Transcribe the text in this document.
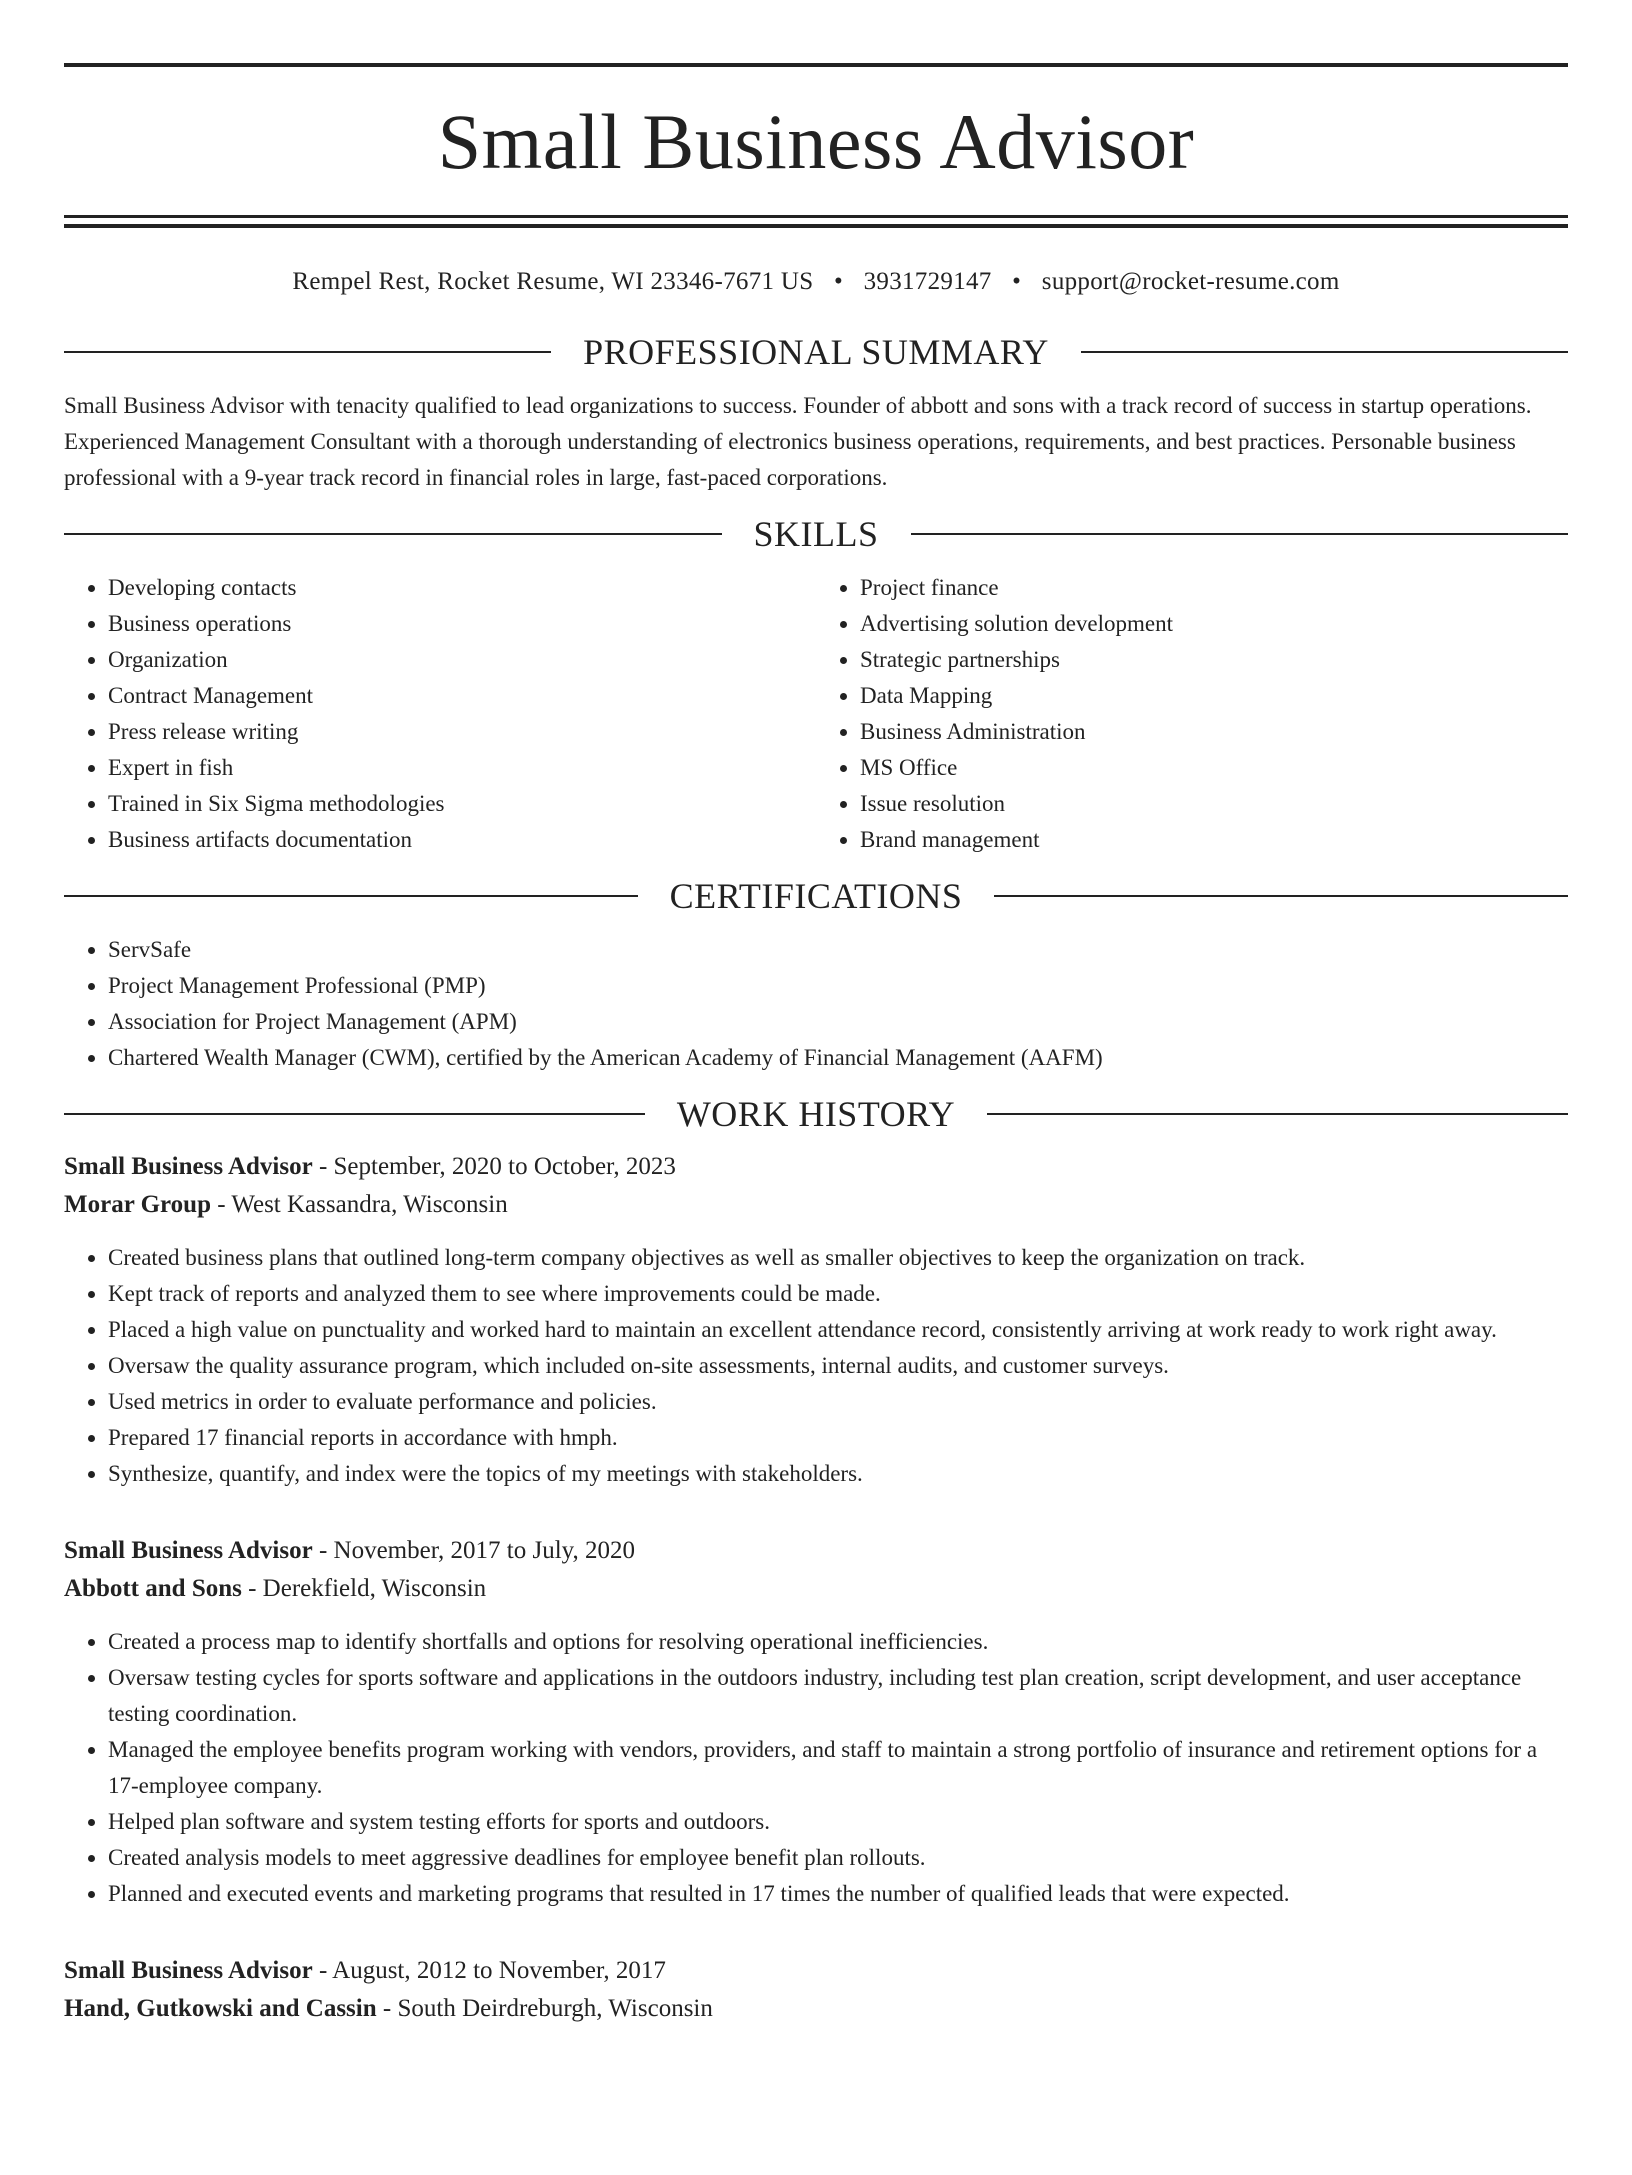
Small Business Advisor
Rempel Rest, Rocket Resume, WI 23346-7671 US • 3931729147 • support@rocket-resume.com
PROFESSIONAL SUMMARY

Small Business Advisor with tenacity qualified to lead organizations to success. Founder of abbott and sons with a track record of success in startup operations. Experienced Management Consultant with a thorough understanding of electronics business operations, requirements, and best practices. Personable business professional with a 9-year track record in financial roles in large, fast-paced corporations.

SKILLS
• Developing contacts
• Business operations
• Organization
• Contract Management
• Press release writing
• Expert in fish
• Trained in Six Sigma methodologies
• Business artifacts documentation
• Project finance
• Advertising solution development
• Strategic partnerships
• Data Mapping
• Business Administration
• MS Office
• Issue resolution
• Brand management
CERTIFICATIONS
• ServSafe
• Project Management Professional (PMP)
• Association for Project Management (APM)
• Chartered Wealth Manager (CWM), certified by the American Academy of Financial Management (AAFM)
WORK HISTORY

Small Business Advisor - September, 2020 to October, 2023

Morar Group - West Kassandra, Wisconsin

• Created business plans that outlined long-term company objectives as well as smaller objectives to keep the organization on track.
• Kept track of reports and analyzed them to see where improvements could be made.
• Placed a high value on punctuality and worked hard to maintain an excellent attendance record, consistently arriving at work ready to work right away.
• Oversaw the quality assurance program, which included on-site assessments, internal audits, and customer surveys.
• Used metrics in order to evaluate performance and policies.
• Prepared 17 financial reports in accordance with hmph.
• Synthesize, quantify, and index were the topics of my meetings with stakeholders.

Small Business Advisor - November, 2017 to July, 2020

Abbott and Sons - Derekfield, Wisconsin

• Created a process map to identify shortfalls and options for resolving operational inefficiencies.
• Oversaw testing cycles for sports software and applications in the outdoors industry, including test plan creation, script development, and user acceptance testing coordination.
• Managed the employee benefits program working with vendors, providers, and staff to maintain a strong portfolio of insurance and retirement options for a 17-employee company.
• Helped plan software and system testing efforts for sports and outdoors.
• Created analysis models to meet aggressive deadlines for employee benefit plan rollouts.
• Planned and executed events and marketing programs that resulted in 17 times the number of qualified leads that were expected.

Small Business Advisor - August, 2012 to November, 2017

Hand, Gutkowski and Cassin - South Deirdreburgh, Wisconsin
